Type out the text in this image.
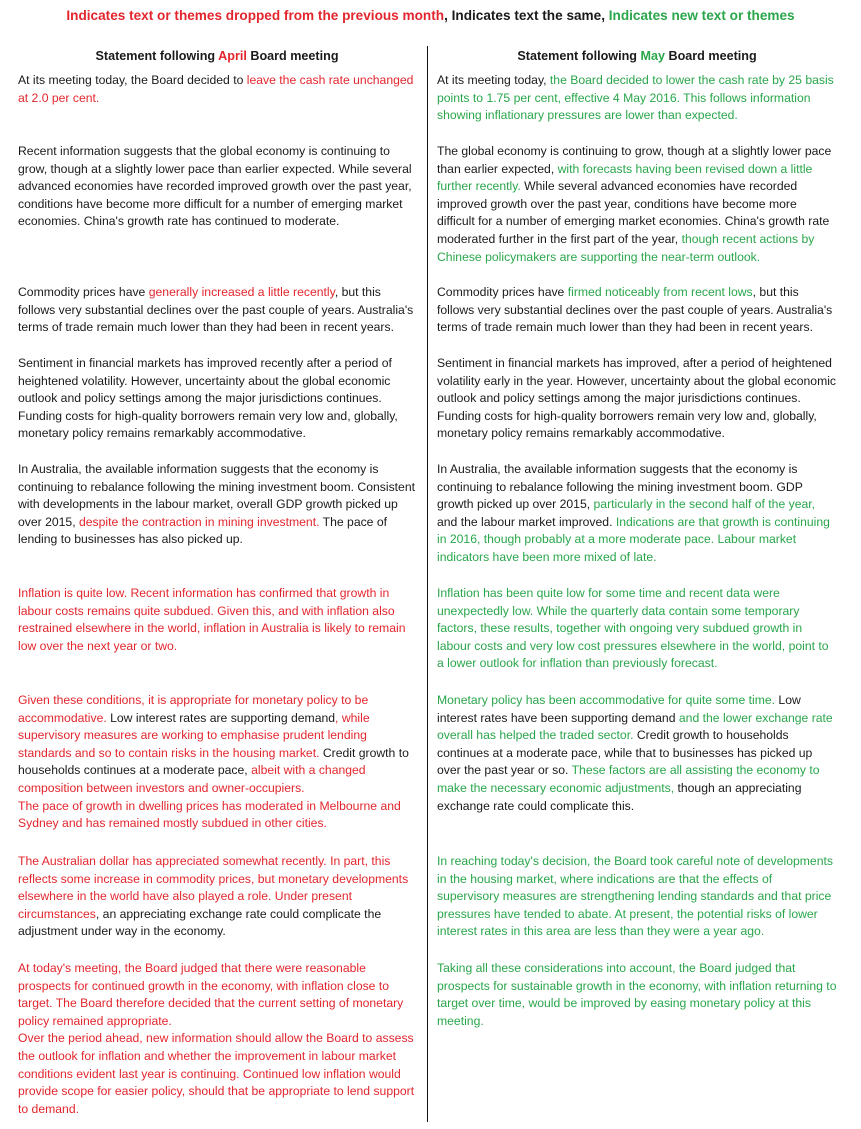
Indicates text or themes dropped from the previous month, Indicates text the same, Indicates new text or themes
Statement following April Board meeting

At its meeting today, the Board decided to leave the cash rate unchanged at 2.0 per cent.

Recent information suggests that the global economy is continuing to grow, though at a slightly lower pace than earlier expected. While several advanced economies have recorded improved growth over the past year, conditions have become more difficult for a number of emerging market economies. China's growth rate has continued to moderate.

Commodity prices have generally increased a little recently, but this follows very substantial declines over the past couple of years. Australia's terms of trade remain much lower than they had been in recent years.

Sentiment in financial markets has improved recently after a period of heightened volatility. However, uncertainty about the global economic outlook and policy settings among the major jurisdictions continues. Funding costs for high-quality borrowers remain very low and, globally, monetary policy remains remarkably accommodative.

In Australia, the available information suggests that the economy is continuing to rebalance following the mining investment boom. Consistent with developments in the labour market, overall GDP growth picked up over 2015, despite the contraction in mining investment. The pace of lending to businesses has also picked up.

Inflation is quite low. Recent information has confirmed that growth in labour costs remains quite subdued. Given this, and with inflation also restrained elsewhere in the world, inflation in Australia is likely to remain low over the next year or two.

Given these conditions, it is appropriate for monetary policy to be accommodative. Low interest rates are supporting demand, while supervisory measures are working to emphasise prudent lending standards and so to contain risks in the housing market. Credit growth to households continues at a moderate pace, albeit with a changed composition between investors and owner-occupiers.
The pace of growth in dwelling prices has moderated in Melbourne and Sydney and has remained mostly subdued in other cities.

The Australian dollar has appreciated somewhat recently. In part, this reflects some increase in commodity prices, but monetary developments elsewhere in the world have also played a role. Under present circumstances, an appreciating exchange rate could complicate the adjustment under way in the economy.

At today's meeting, the Board judged that there were reasonable prospects for continued growth in the economy, with inflation close to target. The Board therefore decided that the current setting of monetary policy remained appropriate.
Over the period ahead, new information should allow the Board to assess the outlook for inflation and whether the improvement in labour market conditions evident last year is continuing. Continued low inflation would provide scope for easier policy, should that be appropriate to lend support to demand.

Statement following May Board meeting

At its meeting today, the Board decided to lower the cash rate by 25 basis points to 1.75 per cent, effective 4 May 2016. This follows information showing inflationary pressures are lower than expected.

The global economy is continuing to grow, though at a slightly lower pace than earlier expected, with forecasts having been revised down a little further recently. While several advanced economies have recorded improved growth over the past year, conditions have become more difficult for a number of emerging market economies. China's growth rate moderated further in the first part of the year, though recent actions by Chinese policymakers are supporting the near-term outlook.

Commodity prices have firmed noticeably from recent lows, but this follows very substantial declines over the past couple of years. Australia's terms of trade remain much lower than they had been in recent years.

Sentiment in financial markets has improved, after a period of heightened volatility early in the year. However, uncertainty about the global economic outlook and policy settings among the major jurisdictions continues. Funding costs for high-quality borrowers remain very low and, globally, monetary policy remains remarkably accommodative.

In Australia, the available information suggests that the economy is continuing to rebalance following the mining investment boom. GDP growth picked up over 2015, particularly in the second half of the year, and the labour market improved. Indications are that growth is continuing in 2016, though probably at a more moderate pace. Labour market indicators have been more mixed of late.

Inflation has been quite low for some time and recent data were unexpectedly low. While the quarterly data contain some temporary factors, these results, together with ongoing very subdued growth in labour costs and very low cost pressures elsewhere in the world, point to a lower outlook for inflation than previously forecast.

Monetary policy has been accommodative for quite some time. Low interest rates have been supporting demand and the lower exchange rate overall has helped the traded sector. Credit growth to households continues at a moderate pace, while that to businesses has picked up over the past year or so. These factors are all assisting the economy to make the necessary economic adjustments, though an appreciating exchange rate could complicate this.

In reaching today's decision, the Board took careful note of developments in the housing market, where indications are that the effects of supervisory measures are strengthening lending standards and that price pressures have tended to abate. At present, the potential risks of lower interest rates in this area are less than they were a year ago.

Taking all these considerations into account, the Board judged that prospects for sustainable growth in the economy, with inflation returning to target over time, would be improved by easing monetary policy at this meeting.
